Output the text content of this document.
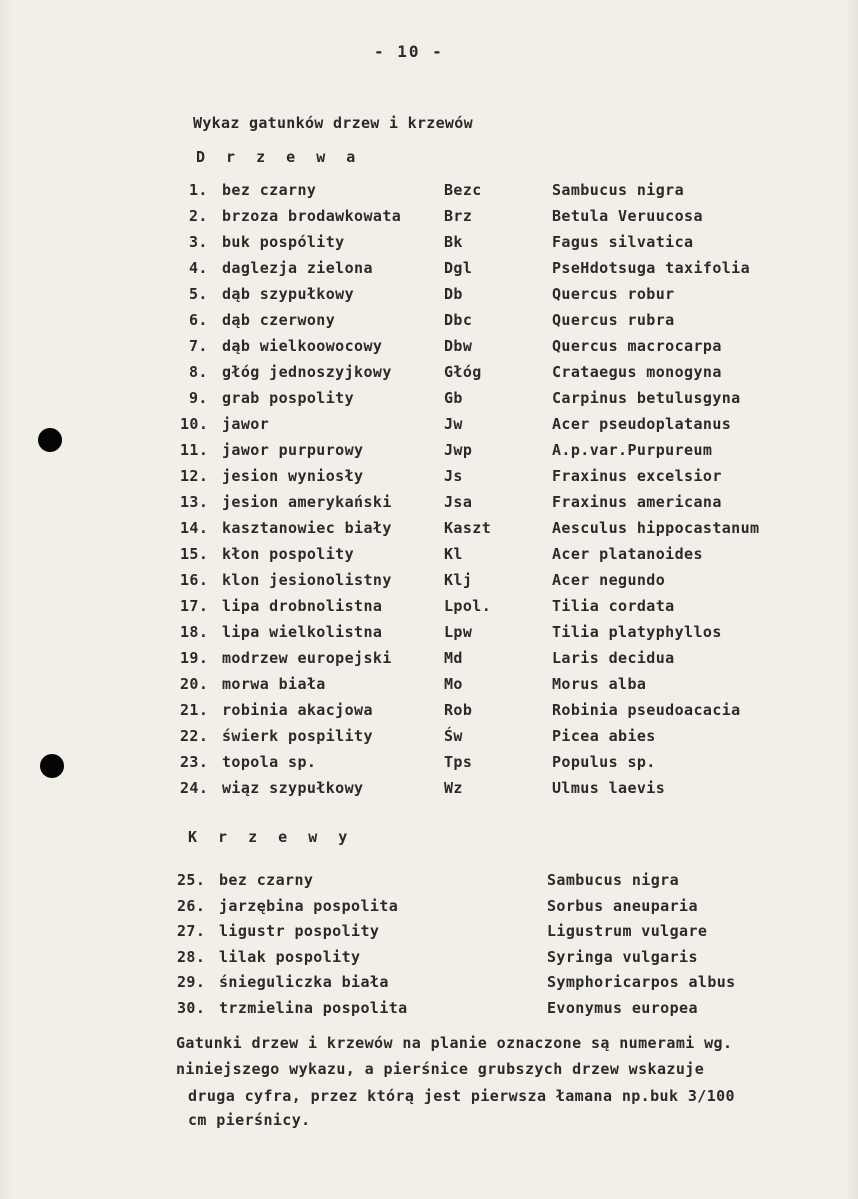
- 10 -
Wykaz gatunków drzew i krzewów
D r z e w a
1. bez czarny	Bezc	Sambucus nigra
2. brzoza brodawkowata	Brz	Betula Veruucosa
3. buk pospólity	Bk	Fagus silvatica
4. daglezja zielona	Dgl	PseHdotsuga taxifolia
5. dąb szypułkowy	Db	Quercus robur
6. dąb czerwony	Dbc	Quercus rubra
7. dąb wielkoowocowy	Dbw	Quercus macrocarpa
8. głóg jednoszyjkowy	Głóg	Crataegus monogyna
9. grab pospolity	Gb	Carpinus betulusgyna
10. jawor	Jw	Acer pseudoplatanus
11. jawor purpurowy	Jwp	A.p.var.Purpureum
12. jesion wyniosły	Js	Fraxinus excelsior
13. jesion amerykański	Jsa	Fraxinus americana
14. kasztanowiec biały	Kaszt	Aesculus hippocastanum
15. kłon pospolity	Kl	Acer platanoides
16. klon jesionolistny	Klj	Acer negundo
17. lipa drobnolistna	Lpol.	Tilia cordata
18. lipa wielkolistna	Lpw	Tilia platyphyllos
19. modrzew europejski	Md	Laris decidua
20. morwa biała	Mo	Morus alba
21. robinia akacjowa	Rob	Robinia pseudoacacia
22. świerk pospility	Św	Picea abies
23. topola sp.	Tps	Populus sp.
24. wiąz szypułkowy	Wz	Ulmus laevis
K r z e w y
25. bez czarny	Sambucus nigra
26. jarzębina pospolita	Sorbus aneuparia
27. ligustr pospolity	Ligustrum vulgare
28. lilak pospolity	Syringa vulgaris
29. śnieguliczka biała	Symphoricarpos albus
30. trzmielina pospolita	Evonymus europea
Gatunki drzew i krzewów na planie oznaczone są numerami wg.
niniejszego wykazu, a pierśnice grubszych drzew wskazuje
druga cyfra, przez którą jest pierwsza łamana np.buk 3/100
cm pierśnicy.
